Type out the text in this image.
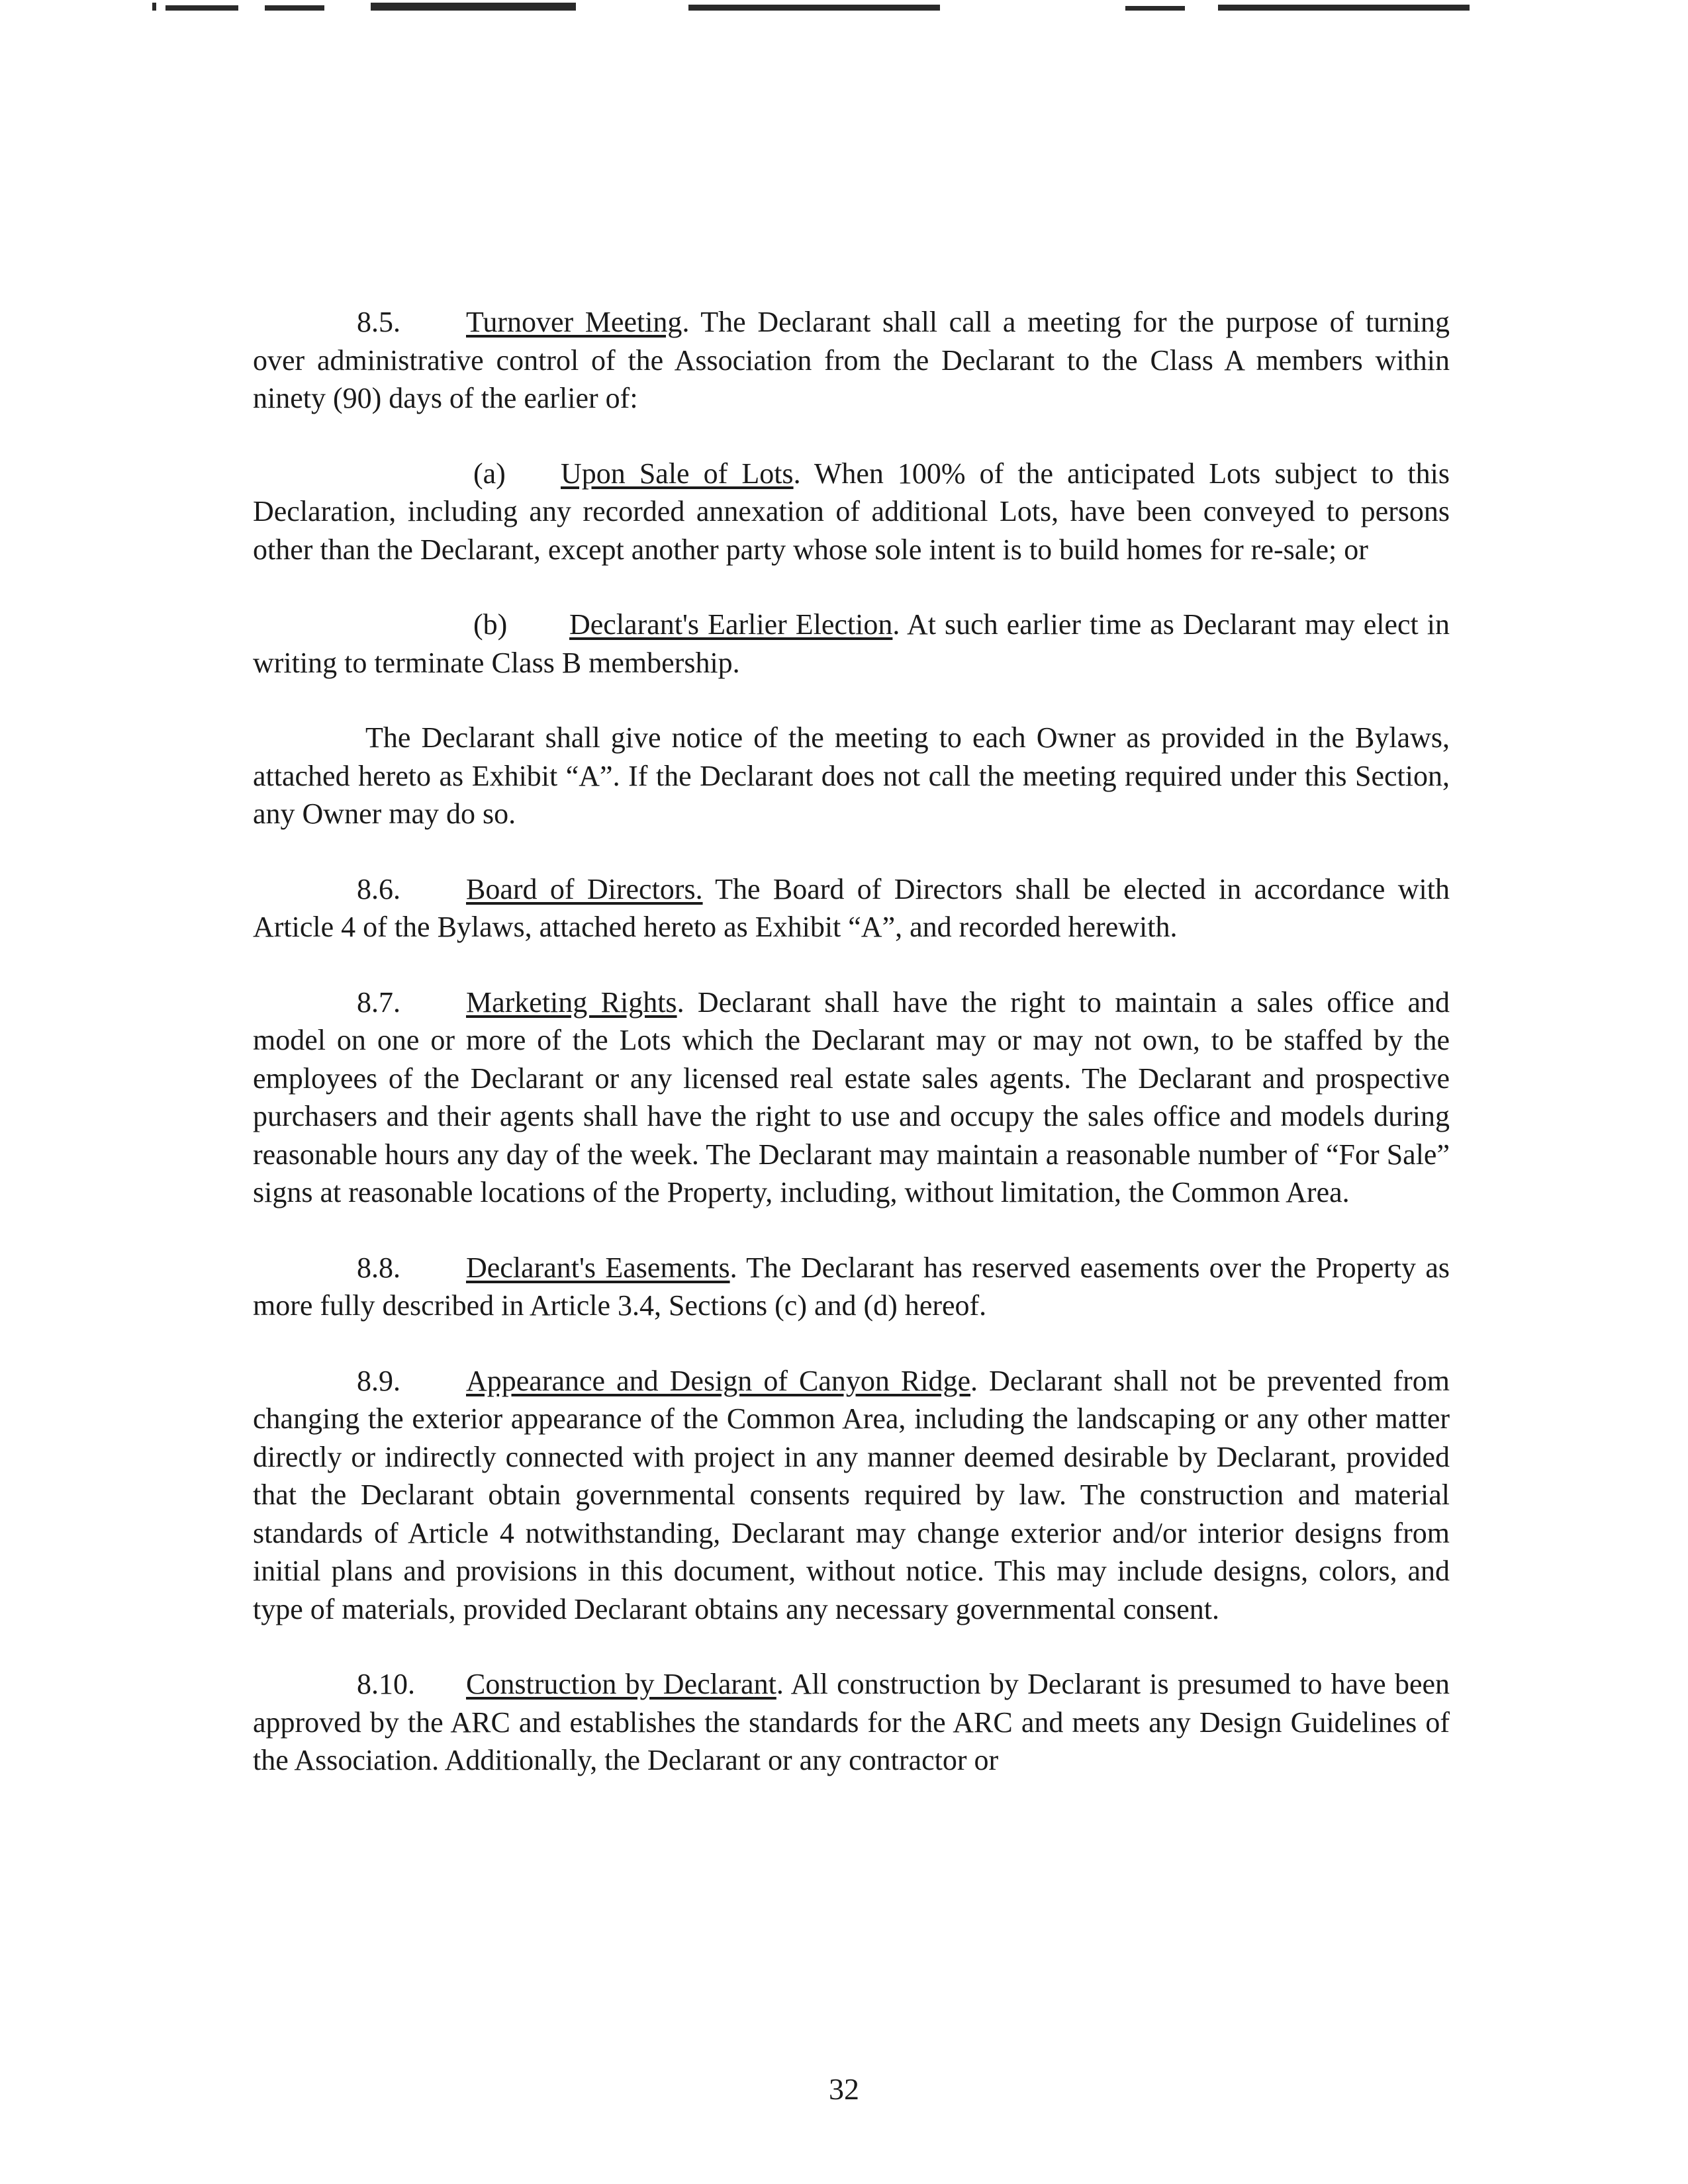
8.5. Turnover Meeting. The Declarant shall call a meeting for the purpose of turning over administrative control of the Association from the Declarant to the Class A members within ninety (90) days of the earlier of:

(a) Upon Sale of Lots. When 100% of the anticipated Lots subject to this Declaration, including any recorded annexation of additional Lots, have been conveyed to persons other than the Declarant, except another party whose sole intent is to build homes for re-sale; or

(b) Declarant's Earlier Election. At such earlier time as Declarant may elect in writing to terminate Class B membership.

The Declarant shall give notice of the meeting to each Owner as provided in the Bylaws, attached hereto as Exhibit “A”. If the Declarant does not call the meeting required under this Section, any Owner may do so.

8.6. Board of Directors. The Board of Directors shall be elected in accordance with Article 4 of the Bylaws, attached hereto as Exhibit “A”, and recorded herewith.

8.7. Marketing Rights. Declarant shall have the right to maintain a sales office and model on one or more of the Lots which the Declarant may or may not own, to be staffed by the employees of the Declarant or any licensed real estate sales agents. The Declarant and prospective purchasers and their agents shall have the right to use and occupy the sales office and models during reasonable hours any day of the week. The Declarant may maintain a reasonable number of “For Sale” signs at reasonable locations of the Property, including, without limitation, the Common Area.

8.8. Declarant's Easements. The Declarant has reserved easements over the Property as more fully described in Article 3.4, Sections (c) and (d) hereof.

8.9. Appearance and Design of Canyon Ridge. Declarant shall not be prevented from changing the exterior appearance of the Common Area, including the landscaping or any other matter directly or indirectly connected with project in any manner deemed desirable by Declarant, provided that the Declarant obtain governmental consents required by law. The construction and material standards of Article 4 notwithstanding, Declarant may change exterior and/or interior designs from initial plans and provisions in this document, without notice. This may include designs, colors, and type of materials, provided Declarant obtains any necessary governmental consent.

8.10. Construction by Declarant. All construction by Declarant is presumed to have been approved by the ARC and establishes the standards for the ARC and meets any Design Guidelines of the Association. Additionally, the Declarant or any contractor or

32
